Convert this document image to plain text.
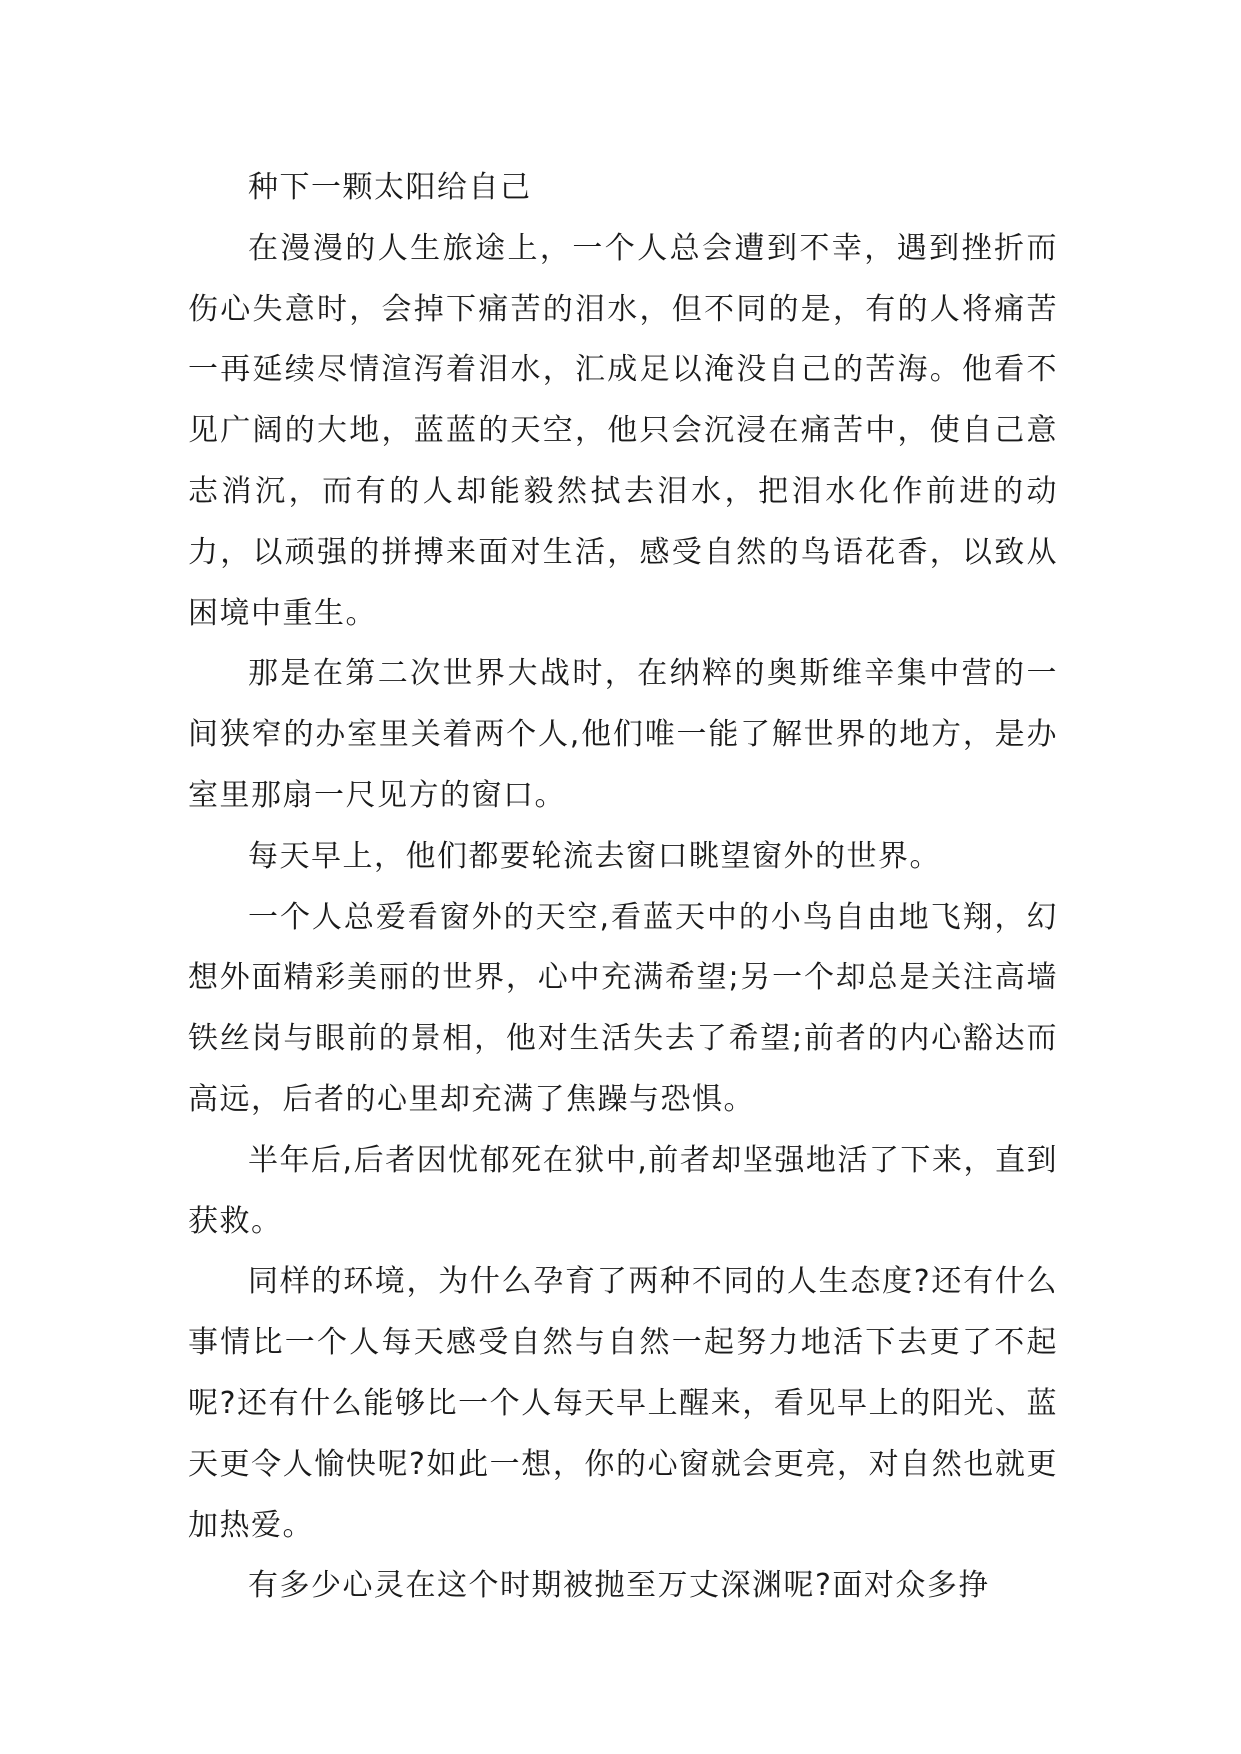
种下一颗太阳给自己

在漫漫的人生旅途上，一个人总会遭到不幸，遇到挫折而伤心失意时，会掉下痛苦的泪水，但不同的是，有的人将痛苦一再延续尽情渲泻着泪水，汇成足以淹没自己的苦海。他看不见广阔的大地，蓝蓝的天空，他只会沉浸在痛苦中，使自己意志消沉，而有的人却能毅然拭去泪水，把泪水化作前进的动力，以顽强的拼搏来面对生活，感受自然的鸟语花香，以致从困境中重生。

那是在第二次世界大战时，在纳粹的奥斯维辛集中营的一间狭窄的办室里关着两个人,他们唯一能了解世界的地方，是办室里那扇一尺见方的窗口。

每天早上，他们都要轮流去窗口眺望窗外的世界。

一个人总爱看窗外的天空,看蓝天中的小鸟自由地飞翔，幻想外面精彩美丽的世界，心中充满希望;另一个却总是关注高墙铁丝岗与眼前的景相，他对生活失去了希望;前者的内心豁达而高远，后者的心里却充满了焦躁与恐惧。

半年后,后者因忧郁死在狱中,前者却坚强地活了下来，直到获救。

同样的环境，为什么孕育了两种不同的人生态度?还有什么事情比一个人每天感受自然与自然一起努力地活下去更了不起呢?还有什么能够比一个人每天早上醒来，看见早上的阳光、蓝天更令人愉快呢?如此一想，你的心窗就会更亮，对自然也就更加热爱。

有多少心灵在这个时期被抛至万丈深渊呢?面对众多挣
